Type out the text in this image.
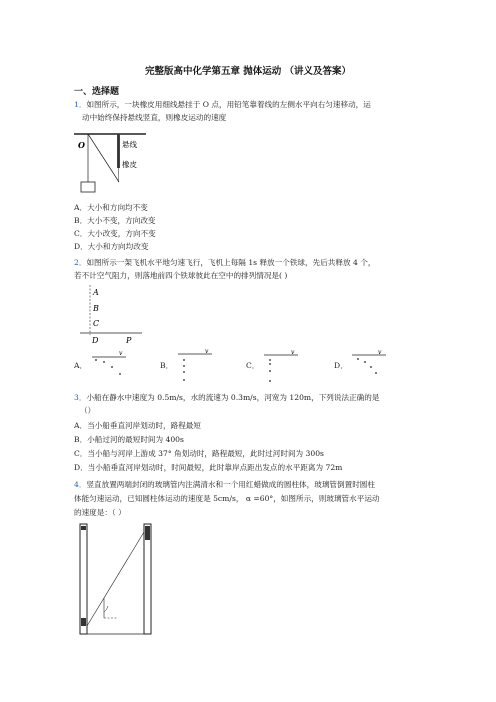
完整版高中化学第五章 抛体运动 （讲义及答案）
一、选择题
1．如图所示，一块橡皮用细线悬挂于 O 点，用铅笔靠着线的左侧水平向右匀速移动，运
动中始终保持悬线竖直，则橡皮运动的速度
O	悬线
橡皮
A．大小和方向均不变
B．大小不变，方向改变
C．大小改变，方向不变
D．大小和方向均改变
2．如图所示一架飞机水平地匀速飞行，飞机上每隔 1s 释放一个铁球，先后共释放 4 个，
若不计空气阻力，则落地前四个铁球彼此在空中的排列情况是( )
A
B
C
D	P
A．
v
B．
v
C．
v
D．
v
3．小船在静水中速度为 0.5m/s，水的流速为 0.3m/s，河宽为 120m，下列说法正确的是
（）
A．当小船垂直河岸划动时，路程最短
B．小船过河的最短时间为 400s
C．当小船与河岸上游成 37° 角划动时，路程最短，此时过河时间为 300s
D．当小船垂直河岸划动时，时间最短，此时靠岸点距出发点的水平距离为 72m
4．竖直放置两端封闭的玻璃管内注满清水和一个用红蜡做成的圆柱体，玻璃管倒置时圆柱
体能匀速运动，已知圆柱体运动的速度是 5cm/s， α =60°，如图所示，则玻璃管水平运动
的速度是：（ ）
